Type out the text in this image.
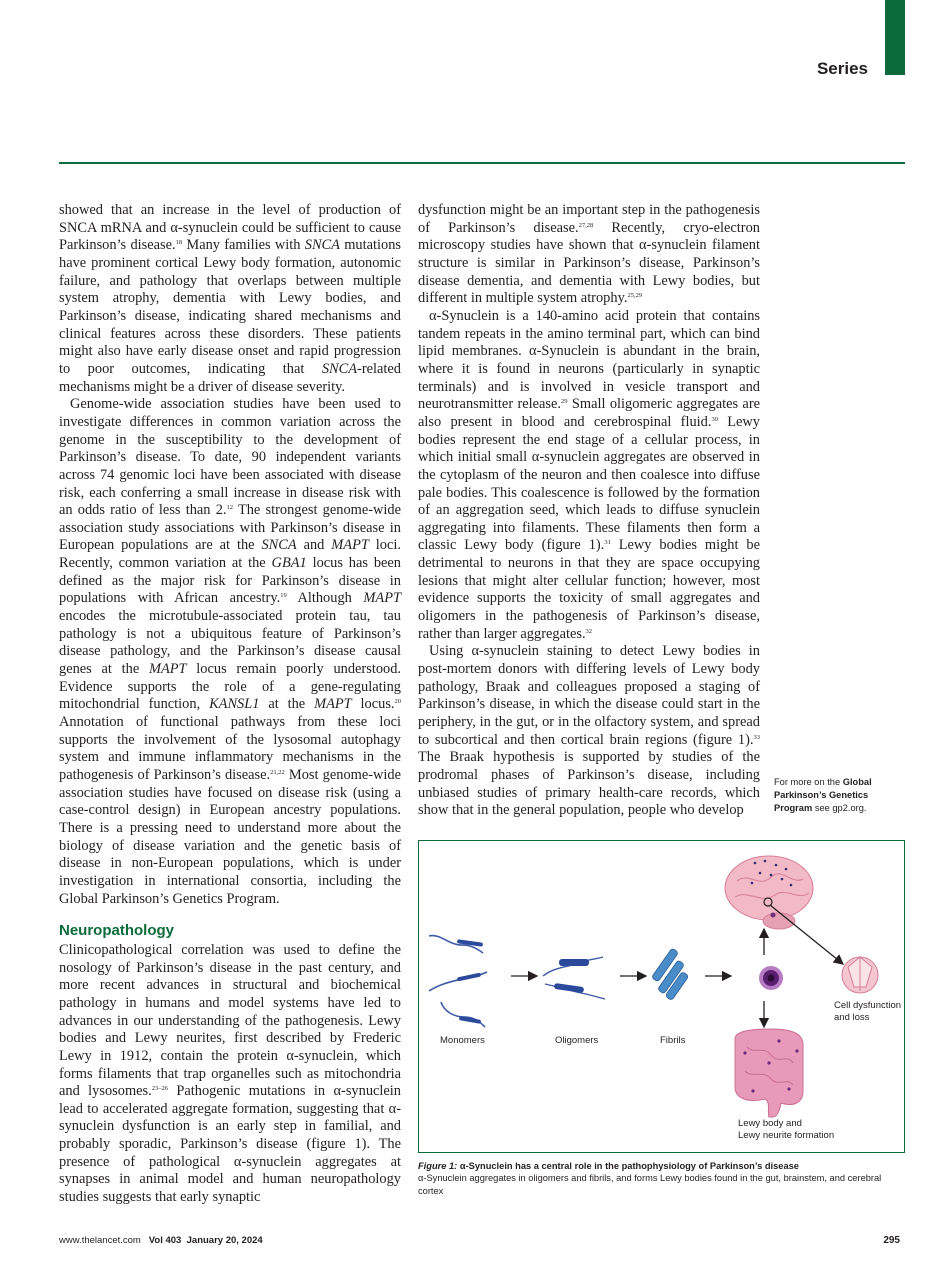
Series

showed that an increase in the level of production of SNCA mRNA and α-synuclein could be sufficient to cause Parkinson’s disease.$^{18}$ Many families with SNCA mutations have prominent cortical Lewy body formation, autonomic failure, and pathology that overlaps between multiple system atrophy, dementia with Lewy bodies, and Parkinson’s disease, indicating shared mechanisms and clinical features across these disorders. These patients might also have early disease onset and rapid progression to poor outcomes, indicating that SNCA-related mechanisms might be a driver of disease severity.

Genome-wide association studies have been used to investigate differences in common variation across the genome in the susceptibility to the development of Parkinson’s disease. To date, 90 independent variants across 74 genomic loci have been associated with disease risk, each conferring a small increase in disease risk with an odds ratio of less than 2.12 The strongest genome-wide association study associations with Parkinson’s disease in European populations are at the SNCA and MAPT loci. Recently, common variation at the GBA1 locus has been defined as the major risk for Parkinson’s disease in populations with African ancestry.$^{19}$ Although MAPT encodes the microtubule-associated protein tau, tau pathology is not a ubiquitous feature of Parkinson’s disease pathology, and the Parkinson’s disease causal genes at the MAPT locus remain poorly understood. Evidence supports the role of a gene-regulating mitochondrial function, KANSL1 at the MAPT locus.$^{20}$ Annotation of functional pathways from these loci supports the involvement of the lysosomal autophagy system and immune inflammatory mechanisms in the pathogenesis of Parkinson’s disease.$^{21,22}$ Most genome-wide association studies have focused on disease risk (using a case-control design) in European ancestry populations. There is a pressing need to understand more about the biology of disease variation and the genetic basis of disease in non-European populations, which is under investigation in international consortia, including the Global Parkinson’s Genetics Program.

Neuropathology

Clinicopathological correlation was used to define the nosology of Parkinson’s disease in the past century, and more recent advances in structural and biochemical pathology in humans and model systems have led to advances in our understanding of the pathogenesis. Lewy bodies and Lewy neurites, first described by Frederic Lewy in 1912, contain the protein α-synuclein, which forms filaments that trap organelles such as mitochondria and lysosomes.$^{23-26}$ Pathogenic mutations in α-synuclein lead to accelerated aggregate formation, suggesting that α-synuclein dysfunction is an early step in familial, and probably sporadic, Parkinson’s disease (figure 1). The presence of pathological α-synuclein aggregates at synapses in animal model and human neuropathology studies suggests that early synaptic

dysfunction might be an important step in the pathogenesis of Parkinson’s disease.$^{27,28}$ Recently, cryo-electron microscopy studies have shown that α-synuclein filament structure is similar in Parkinson’s disease, Parkinson’s disease dementia, and dementia with Lewy bodies, but different in multiple system atrophy.$^{25,29}$

α-Synuclein is a 140-amino acid protein that contains tandem repeats in the amino terminal part, which can bind lipid membranes. α-Synuclein is abundant in the brain, where it is found in neurons (particularly in synaptic terminals) and is involved in vesicle transport and neurotransmitter release.$^{29}$ Small oligomeric aggregates are also present in blood and cerebrospinal fluid.$^{30}$ Lewy bodies represent the end stage of a cellular process, in which initial small α-synuclein aggregates are observed in the cytoplasm of the neuron and then coalesce into diffuse pale bodies. This coalescence is followed by the formation of an aggregation seed, which leads to diffuse synuclein aggregating into filaments. These filaments then form a classic Lewy body (figure 1).$^{31}$ Lewy bodies might be detrimental to neurons in that they are space occupying lesions that might alter cellular function; however, most evidence supports the toxicity of small aggregates and oligomers in the pathogenesis of Parkinson’s disease, rather than larger aggregates.$^{32}$

Using α-synuclein staining to detect Lewy bodies in post-mortem donors with differing levels of Lewy body pathology, Braak and colleagues proposed a staging of Parkinson’s disease, in which the disease could start in the periphery, in the gut, or in the olfactory system, and spread to subcortical and then cortical brain regions (figure 1).$^{33}$ The Braak hypothesis is supported by studies of the prodromal phases of Parkinson’s disease, including unbiased studies of primary health-care records, which show that in the general population, people who develop

For more on the Global Parkinson’s Genetics Program see gp2.org.
Monomers	Oligomers	Fibrils
Cell dysfunction
and loss
Lewy body and
Lewy neurite formation
Figure 1: α-Synuclein has a central role in the pathophysiology of Parkinson’s disease
α-Synuclein aggregates in oligomers and fibrils, and forms Lewy bodies found in the gut, brainstem, and cerebral cortex
www.thelancet.com Vol 403 January 20, 2024	295
